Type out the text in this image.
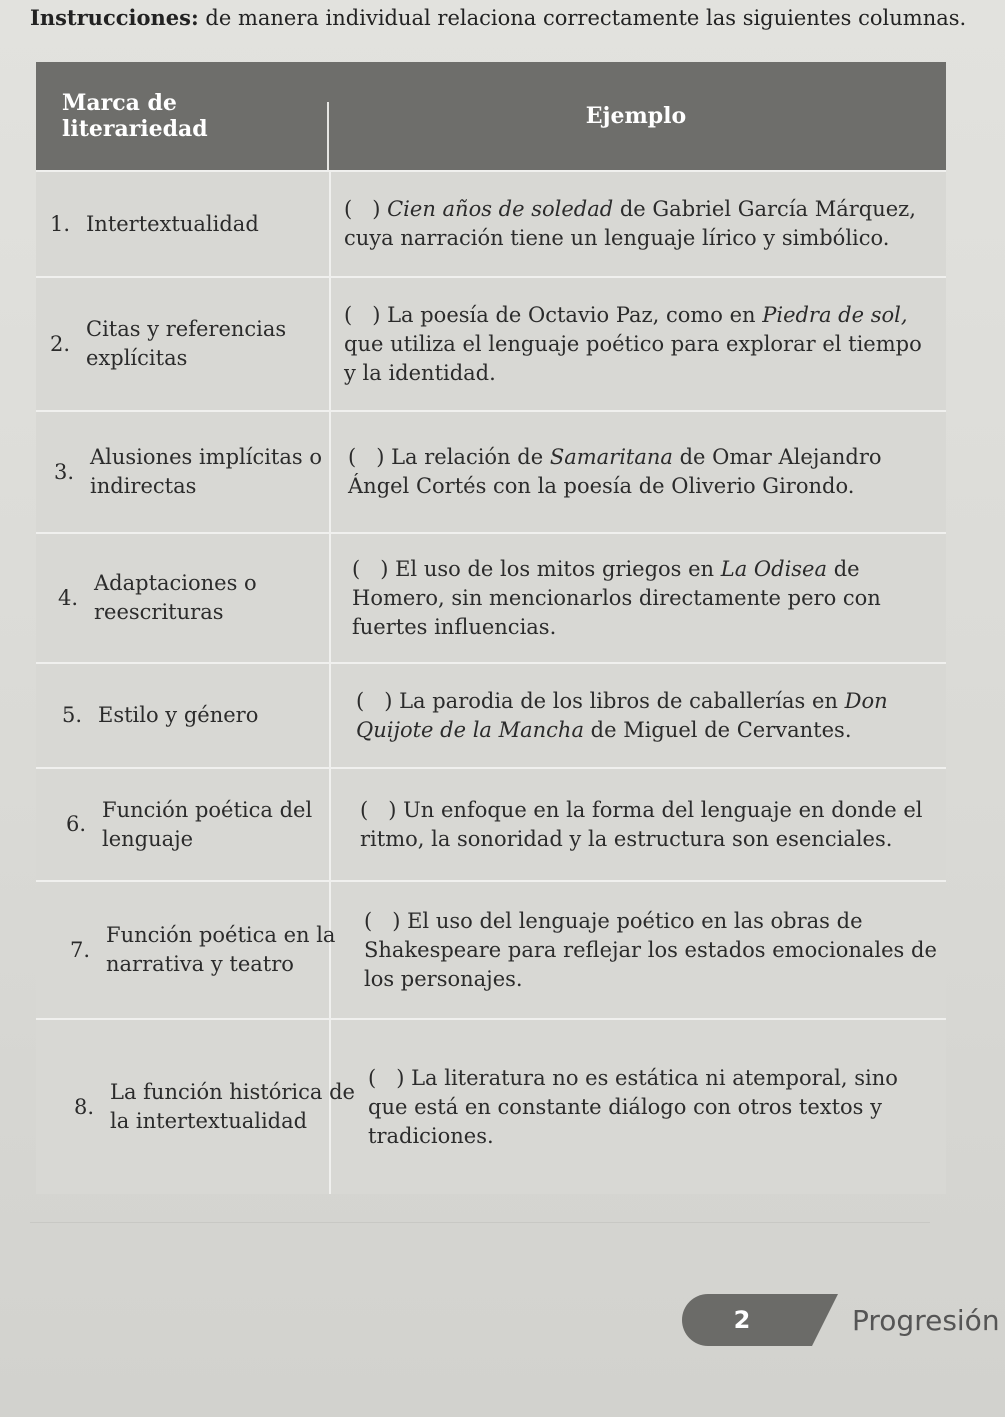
Instrucciones: de manera individual relaciona correctamente las siguientes columnas.
Marca de literariedad	Ejemplo
1. Intertextualidad
(   ) Cien años de soledad de Gabriel García Márquez, cuya narración tiene un lenguaje lírico y simbólico.
2.
Citas y referencias explícitas
(   ) La poesía de Octavio Paz, como en Piedra de sol, que utiliza el lenguaje poético para explorar el tiempo y la identidad.
3.
Alusiones implícitas o indirectas
(   ) La relación de Samaritana de Omar Alejandro Ángel Cortés con la poesía de Oliverio Girondo.
4.
Adaptaciones o reescrituras
(   ) El uso de los mitos griegos en La Odisea de Homero, sin mencionarlos directamente pero con fuertes influencias.
5. Estilo y género
(   ) La parodia de los libros de caballerías en Don Quijote de la Mancha de Miguel de Cervantes.
6.
Función poética del lenguaje
(   ) Un enfoque en la forma del lenguaje en donde el ritmo, la sonoridad y la estructura son esenciales.
7.
Función poética en la narrativa y teatro
(   ) El uso del lenguaje poético en las obras de Shakespeare para reflejar los estados emocionales de los personajes.
8.
La función histórica de la intertextualidad
(   ) La literatura no es estática ni atemporal, sino que está en constante diálogo con otros textos y tradiciones.
2	Progresión
